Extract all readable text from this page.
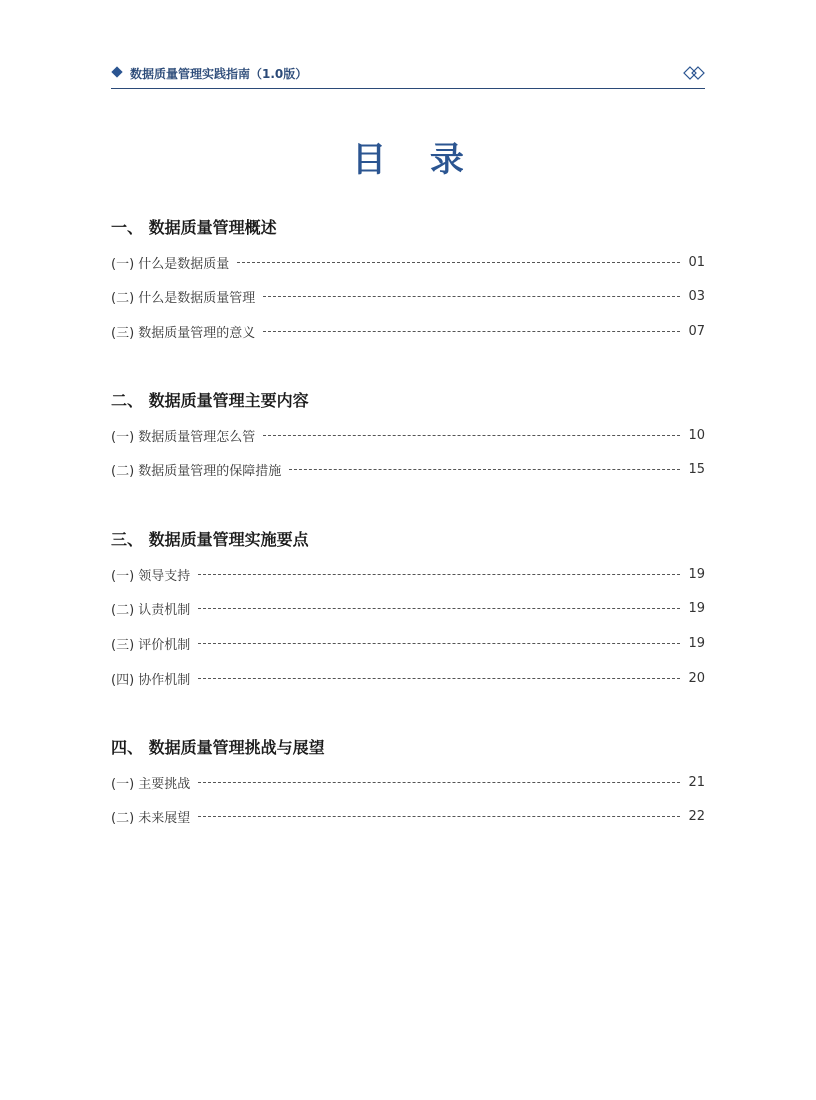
数据质量管理实践指南（1.0版）
目 录
一、 数据质量管理概述
(一) 什么是数据质量	01
(二) 什么是数据质量管理	03
(三) 数据质量管理的意义	07
二、 数据质量管理主要内容
(一) 数据质量管理怎么管	10
(二) 数据质量管理的保障措施	15
三、 数据质量管理实施要点
(一) 领导支持	19
(二) 认责机制	19
(三) 评价机制	19
(四) 协作机制	20
四、 数据质量管理挑战与展望
(一) 主要挑战	21
(二) 未来展望	22
